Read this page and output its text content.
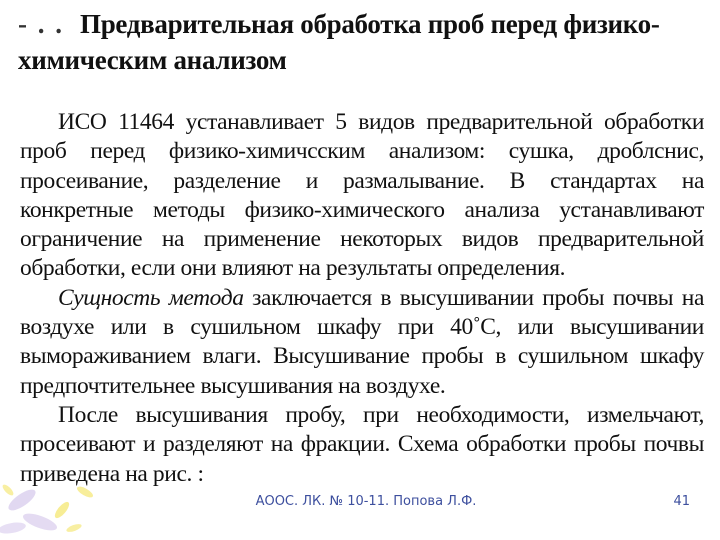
- . . Предварительная обработка проб перед физико-химическим анализом

ИСО 11464 устанавливает 5 видов предварительной обработки проб перед физико-химичсским анализом: сушка, дроблснис, просеивание, разделение и размалывание. В стандартах на конкретные методы физико-химического анализа устанавливают ограничение на применение некоторых видов предварительной обработки, если они влияют на результаты определения.

Сущность метода заключается в высушивании пробы почвы на воздухе или в сушильном шкафу при 40˚С, или высушивании вымораживанием влаги. Высушивание пробы в сушильном шкафу предпочтительнее высушивания на воздухе.

После высушивания пробу, при необходимости, измельчают, просеивают и разделяют на фракции. Схема обработки пробы почвы приведена на рис. :

АООС. ЛК. № 10-11. Попова Л.Ф.	41
